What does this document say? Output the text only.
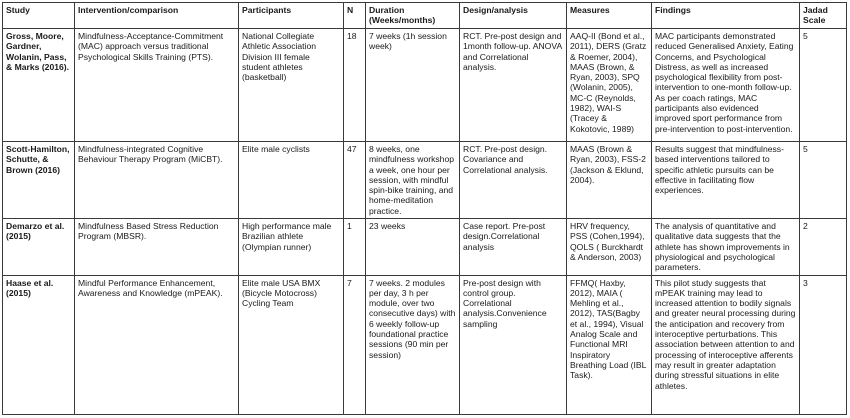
Study	Intervention/comparison	Participants	N	Duration (Weeks/months)	Design/analysis	Measures	Findings	Jadad Scale
Gross, Moore, Gardner, Wolanin, Pass, & Marks (2016).	Mindfulness-Acceptance-Commitment (MAC) approach versus traditional Psychological Skills Training (PTS).	National Collegiate Athletic Association Division III female student athletes (basketball)	18	7 weeks (1h session week)	RCT. Pre-post design and 1month follow-up. ANOVA and Correlational analysis.	AAQ-II (Bond et al., 2011), DERS (Gratz & Roemer, 2004), MAAS (Brown, & Ryan, 2003), SPQ (Wolanin, 2005), MC-C (Reynolds, 1982), WAI-S (Tracey & Kokotovic, 1989)	MAC participants demonstrated reduced Generalised Anxiety, Eating Concerns, and Psychological Distress, as well as increased psychological flexibility from post-intervention to one-month follow-up. As per coach ratings, MAC participants also evidenced improved sport performance from pre-intervention to post-intervention.	5
Scott-Hamilton, Schutte, & Brown (2016)	Mindfulness-integrated Cognitive Behaviour Therapy Program (MiCBT).	Elite male cyclists	47	8 weeks, one mindfulness workshop a week, one hour per session, with mindful spin-bike training, and home-meditation practice.	RCT. Pre-post design. Covariance and Correlational analysis.	MAAS (Brown & Ryan, 2003), FSS-2 (Jackson & Eklund, 2004).	Results suggest that mindfulness-based interventions tailored to specific athletic pursuits can be effective in facilitating flow experiences.	5
Demarzo et al. (2015)	Mindfulness Based Stress Reduction Program (MBSR).	High performance male Brazilian athlete (Olympian runner)	1	23 weeks	Case report. Pre-post design.Correlational analysis	HRV frequency, PSS (Cohen,1994), QOLS ( Burckhardt & Anderson, 2003)	The analysis of quantitative and qualitative data suggests that the athlete has shown improvements in physiological and psychological parameters.	2
Haase et al. (2015)	Mindful Performance Enhancement, Awareness and Knowledge (mPEAK).	Elite male USA BMX (Bicycle Motocross) Cycling Team	7	7 weeks. 2 modules per day, 3 h per module, over two consecutive days) with 6 weekly follow-up foundational practice sessions (90 min per session)	Pre-post design with control group. Correlational analysis.Convenience sampling	FFMQ( Haxby, 2012), MAIA ( Mehling et al., 2012), TAS(Bagby et al., 1994), Visual Analog Scale and Functional MRI Inspiratory Breathing Load (IBL Task).	This pilot study suggests that mPEAK training may lead to increased attention to bodily signals and greater neural processing during the anticipation and recovery from interoceptive perturbations. This association between attention to and processing of interoceptive afferents may result in greater adaptation during stressful situations in elite athletes.	3
